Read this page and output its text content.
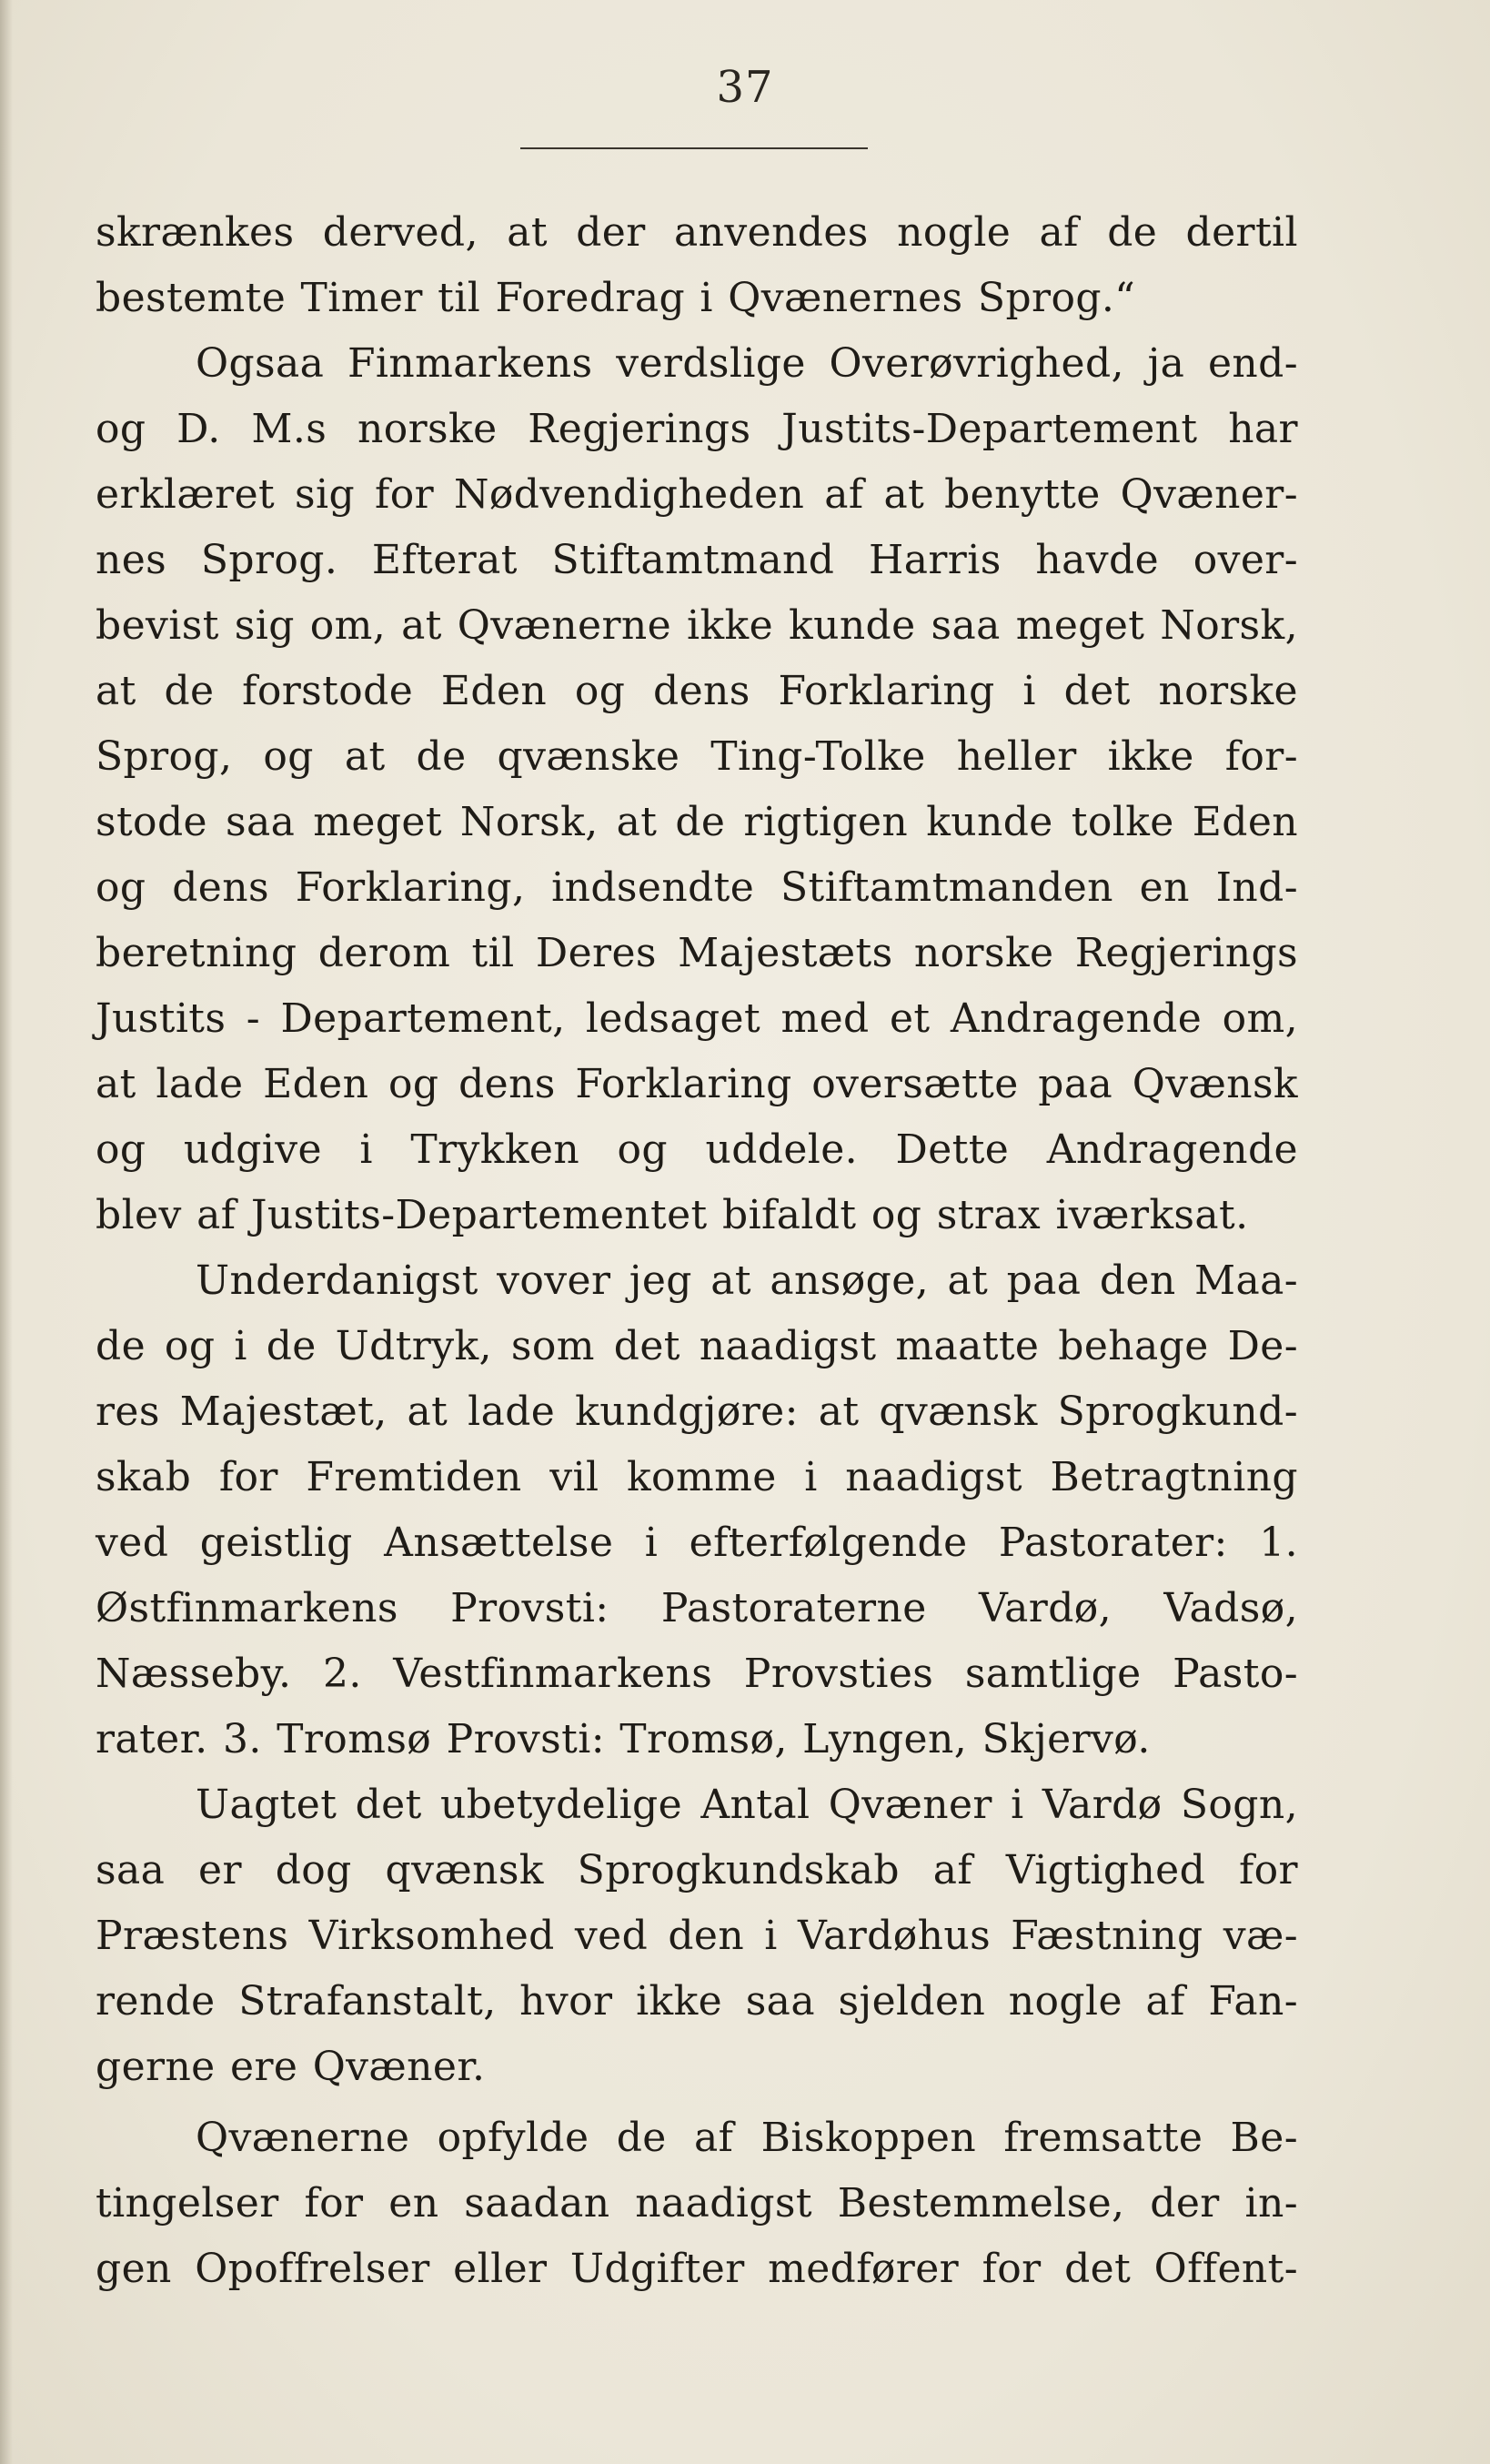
37
skrænkes derved, at der anvendes nogle af de dertil
bestemte Timer til Foredrag i Qvænernes Sprog.“
Ogsaa Finmarkens verdslige Overøvrighed, ja end-
og D. M.s norske Regjerings Justits-Departement har
erklæret sig for Nødvendigheden af at benytte Qvæner-
nes Sprog. Efterat Stiftamtmand Harris havde over-
bevist sig om, at Qvænerne ikke kunde saa meget Norsk,
at de forstode Eden og dens Forklaring i det norske
Sprog, og at de qvænske Ting-Tolke heller ikke for-
stode saa meget Norsk, at de rigtigen kunde tolke Eden
og dens Forklaring, indsendte Stiftamtmanden en Ind-
beretning derom til Deres Majestæts norske Regjerings
Justits - Departement, ledsaget med et Andragende om,
at lade Eden og dens Forklaring oversætte paa Qvænsk
og udgive i Trykken og uddele. Dette Andragende
blev af Justits-Departementet bifaldt og strax iværksat.
Underdanigst vover jeg at ansøge, at paa den Maa-
de og i de Udtryk, som det naadigst maatte behage De-
res Majestæt, at lade kundgjøre: at qvænsk Sprogkund-
skab for Fremtiden vil komme i naadigst Betragtning
ved geistlig Ansættelse i efterfølgende Pastorater: 1.
Østfinmarkens Provsti: Pastoraterne Vardø, Vadsø,
Næsseby. 2. Vestfinmarkens Provsties samtlige Pasto-
rater. 3. Tromsø Provsti: Tromsø, Lyngen, Skjervø.
Uagtet det ubetydelige Antal Qvæner i Vardø Sogn,
saa er dog qvænsk Sprogkundskab af Vigtighed for
Præstens Virksomhed ved den i Vardøhus Fæstning væ-
rende Strafanstalt, hvor ikke saa sjelden nogle af Fan-
gerne ere Qvæner.
Qvænerne opfylde de af Biskoppen fremsatte Be-
tingelser for en saadan naadigst Bestemmelse, der in-
gen Opoffrelser eller Udgifter medfører for det Offent-
